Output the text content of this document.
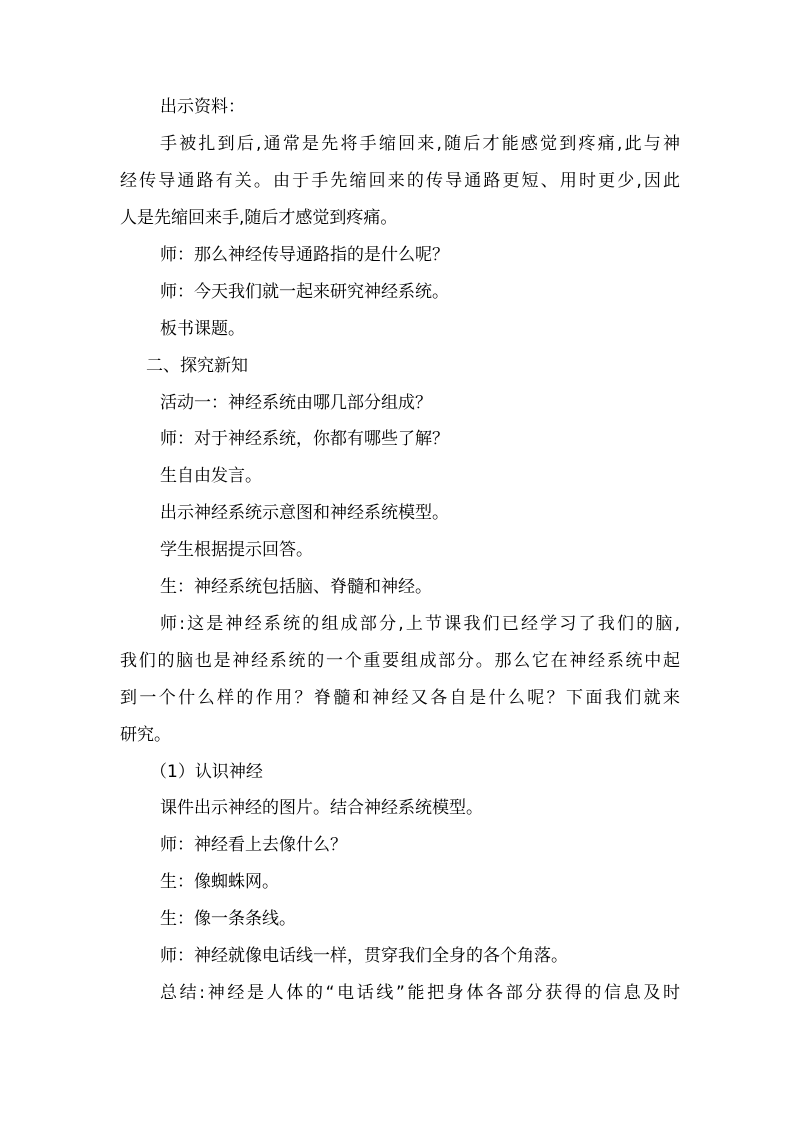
出示资料：
手被扎到后,通常是先将手缩回来,随后才能感觉到疼痛,此与神
经传导通路有关。由于手先缩回来的传导通路更短、用时更少,因此
人是先缩回来手,随后才感觉到疼痛。
师：那么神经传导通路指的是什么呢？
师：今天我们就一起来研究神经系统。
板书课题。
二、探究新知
活动一：神经系统由哪几部分组成？
师：对于神经系统，你都有哪些了解？
生自由发言。
出示神经系统示意图和神经系统模型。
学生根据提示回答。
生：神经系统包括脑、脊髓和神经。
师:这是神经系统的组成部分,上节课我们已经学习了我们的脑,
我们的脑也是神经系统的一个重要组成部分。那么它在神经系统中起
到一个什么样的作用？脊髓和神经又各自是什么呢？下面我们就来
研究。
（1）认识神经
课件出示神经的图片。结合神经系统模型。
师：神经看上去像什么？
生：像蜘蛛网。
生：像一条条线。
师：神经就像电话线一样，贯穿我们全身的各个角落。
总结:神经是人体的“电话线”能把身体各部分获得的信息及时
